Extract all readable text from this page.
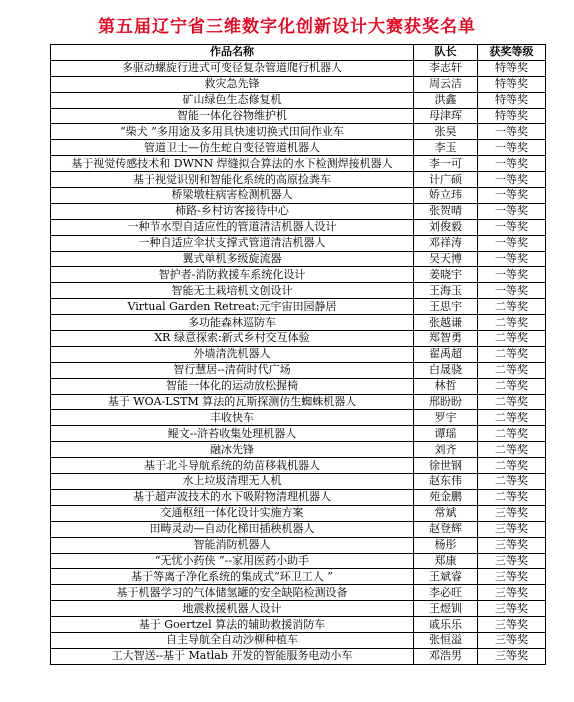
第五届辽宁省三维数字化创新设计大赛获奖名单
作品名称	队长	获奖等级
多驱动螺旋行进式可变径复杂管道爬行机器人	李志轩	特等奖
救灾急先锋	周云洁	特等奖
矿山绿色生态修复机	洪鑫	特等奖
智能一体化谷物维护机	母津珲	特等奖
“柴犬 ”多用途及多用具快速切换式田间作业车	张昊	一等奖
管道卫士—仿生蛇自变径管道机器人	李玉	一等奖
基于视觉传感技术和 DWNN 焊缝拟合算法的水下检测焊接机器人	李一可	一等奖
基于视觉识别和智能化系统的高原捡粪车	计广硕	一等奖
桥梁墩柱病害检测机器人	娇立玮	一等奖
柿路-乡村访客接待中心	张贺晴	一等奖
一种节水型自适应性的管道清洁机器人设计	刘俊毅	一等奖
一种自适应伞状支撑式管道清洁机器人	邓祥涛	一等奖
翼式单机多级旋流器	吴天博	一等奖
智护者-消防救援车系统化设计	姜晓宇	一等奖
智能无土栽培机文创设计	王海玉	一等奖
Virtual Garden Retreat:元宇宙田园静居	王思宇	二等奖
多功能森林巡防车	张越谦	二等奖
XR 绿意探索:新式乡村交互体验	郑智勇	二等奖
外墙清洗机器人	翟禹超	二等奖
智行慧居--清荷时代广场	白晟骁	二等奖
智能一体化的运动放松握椅	林哲	二等奖
基于 WOA-LSTM 算法的瓦斯探测仿生蜘蛛机器人	邢盼盼	二等奖
丰收快车	罗宇	二等奖
鲲文--浒苔收集处理机器人	谭瑶	二等奖
融冰先锋	刘齐	二等奖
基于北斗导航系统的幼苗移栽机器人	徐世钢	二等奖
水上垃圾清理无人机	赵东伟	二等奖
基于超声波技术的水下吸附物清理机器人	苑金鹏	二等奖
交通枢纽一体化设计实施方案	常斌	三等奖
田畴灵动—自动化梯田插秧机器人	赵登辉	三等奖
智能消防机器人	杨彤	三等奖
“无忧小药侠 ”--家用医药小助手	郑康	三等奖
基于等离子净化系统的集成式“环卫工人 ”	王斌睿	三等奖
基于机器学习的气体储氢罐的安全缺陷检测设备	李必旺	三等奖
地震救援机器人设计	王煜钏	三等奖
基于 Goertzel 算法的辅助救援消防车	戚乐乐	三等奖
自主导航全自动沙柳种植车	张恒溢	三等奖
工大智送--基于 Matlab 开发的智能服务电动小车	邓浩男	三等奖
